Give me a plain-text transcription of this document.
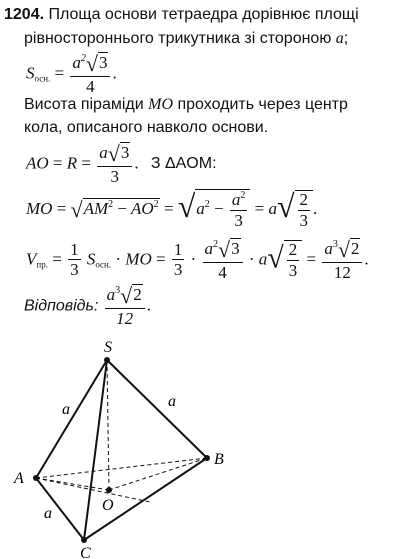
1204. Площа основи тетраедра дорівнює площі
рівностороннього трикутника зі стороною a;
$S_{осн.} = \frac{a^2√3}{4}$ .
Висота піраміди MO проходить через центр
кола, описаного навколо основи.
AO = $R = \frac{a√3}{3}$ . З ΔAOM:
MO = $√AM^2 - AO^2 = √a^2 - \frac{a^2}{3} = a√ \frac{2}{3}$ .
$V_{пр.} = \frac{1}{3} S_{осн.}$ · MO = $\frac{1}{3} \cdot \frac{a^2√3}{4} \cdot a√ \frac{2}{3} = \frac{a^3√2}{12}$ .
Відповідь: $\frac{a^3√2}{12}$ .
S
A
B
C
O
a	a
a
